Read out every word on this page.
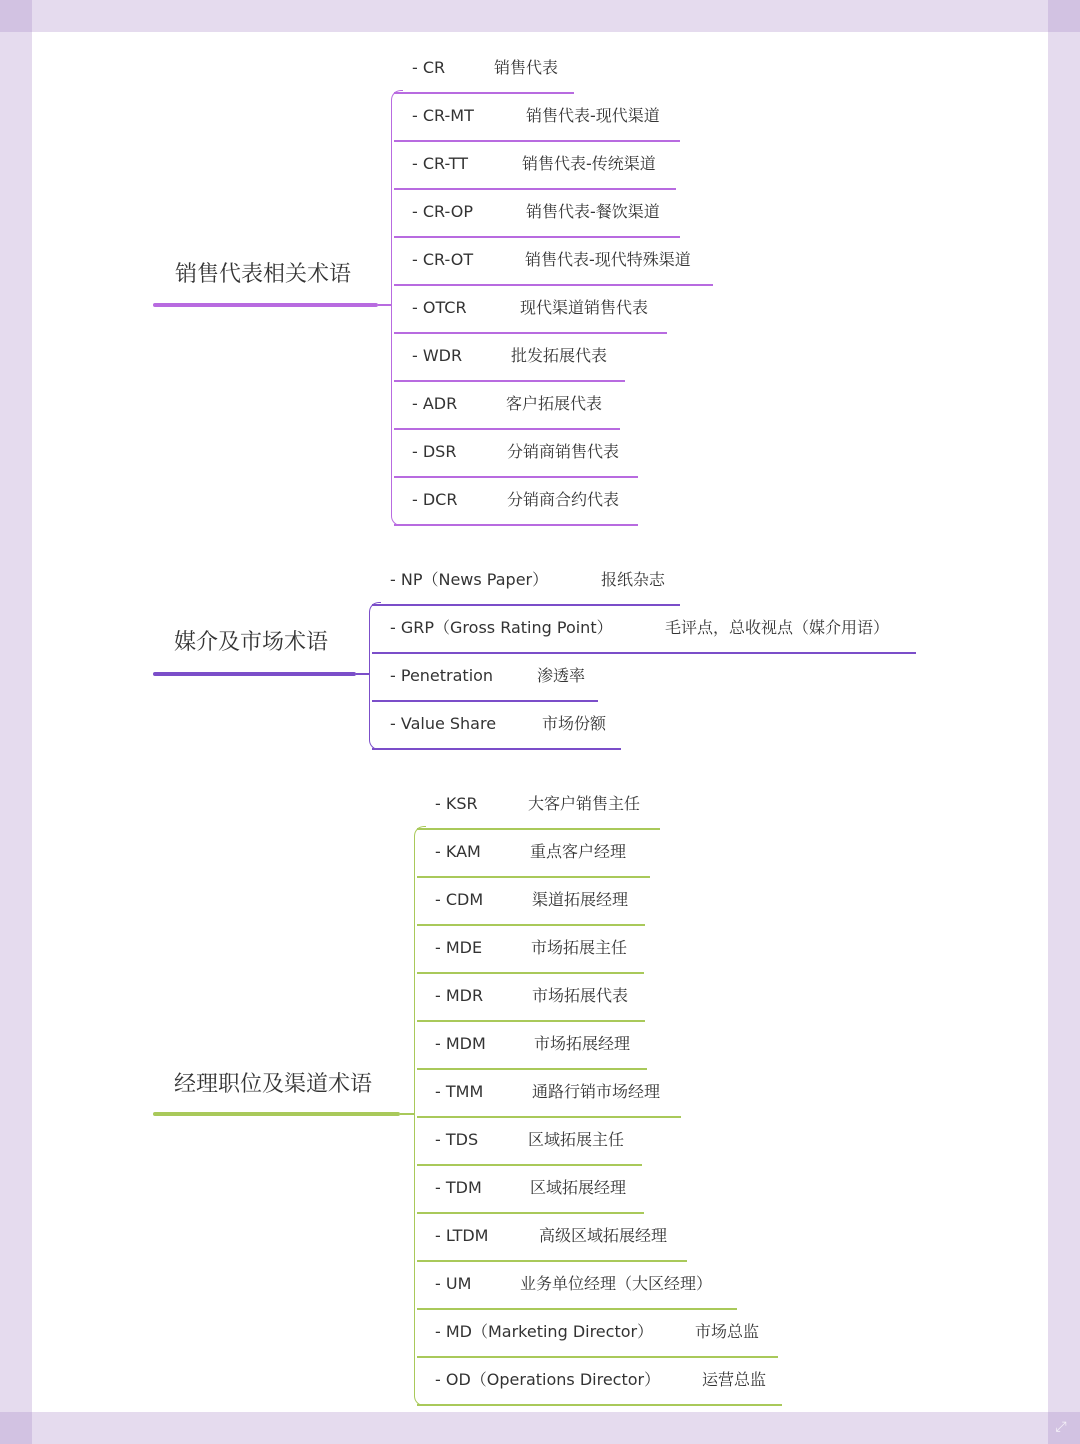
⤢
销售代表相关术语
- CR	销售代表
- CR-MT	销售代表-现代渠道
- CR-TT	销售代表-传统渠道
- CR-OP	销售代表-餐饮渠道
- CR-OT	销售代表-现代特殊渠道
- OTCR	现代渠道销售代表
- WDR	批发拓展代表
- ADR	客户拓展代表
- DSR	分销商销售代表
- DCR	分销商合约代表
媒介及市场术语
- NP（News Paper）	报纸杂志
- GRP（Gross Rating Point）	毛评点，总收视点（媒介用语）
- Penetration	渗透率
- Value Share	市场份额
经理职位及渠道术语
- KSR	大客户销售主任
- KAM	重点客户经理
- CDM	渠道拓展经理
- MDE	市场拓展主任
- MDR	市场拓展代表
- MDM	市场拓展经理
- TMM	通路行销市场经理
- TDS	区域拓展主任
- TDM	区域拓展经理
- LTDM	高级区域拓展经理
- UM	业务单位经理（大区经理）
- MD（Marketing Director）	市场总监
- OD（Operations Director）	运营总监
